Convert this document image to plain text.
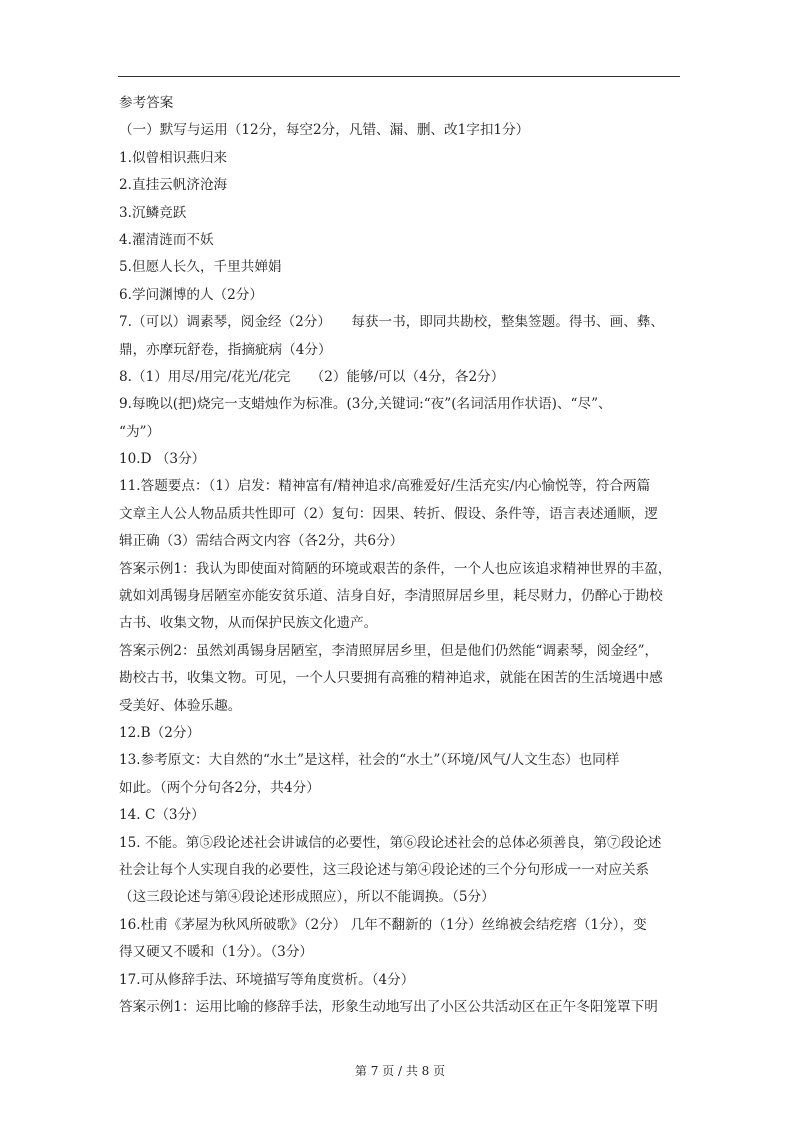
参考答案
（一）默写与运用（12分，每空2分，凡错、漏、删、改1字扣1分）
1.似曾相识燕归来
2.直挂云帆济沧海
3.沉鳞竞跃
4.濯清涟而不妖
5.但愿人长久，千里共婵娟
6.学问渊博的人（2分）
7.（可以）调素琴，阅金经（2分）　　每获一书，即同共勘校，整集签题。得书、画、彝、
鼎，亦摩玩舒卷，指摘疵病（4分）
8.（1）用尽/用完/花光/花完　　（2）能够/可以（4分，各2分）
9.每晚以(把)烧完一支蜡烛作为标准。(3分,关键词:“夜”(名词活用作状语)、“尽”、
“为”）
10.D （3分）
11.答题要点：（1）启发：精神富有/精神追求/高雅爱好/生活充实/内心愉悦等，符合两篇
文章主人公人物品质共性即可（2）复句：因果、转折、假设、条件等，语言表述通顺，逻
辑正确（3）需结合两文内容（各2分，共6分）
答案示例1：我认为即使面对简陋的环境或艰苦的条件，一个人也应该追求精神世界的丰盈，
就如刘禹锡身居陋室亦能安贫乐道、洁身自好，李清照屏居乡里，耗尽财力，仍醉心于勘校
古书、收集文物，从而保护民族文化遗产。
答案示例2：虽然刘禹锡身居陋室，李清照屏居乡里，但是他们仍然能“调素琴，阅金经”，
勘校古书，收集文物。可见，一个人只要拥有高雅的精神追求，就能在困苦的生活境遇中感
受美好、体验乐趣。
12.B（2分）
13.参考原文：大自然的“水土”是这样，社会的“水土”（环境/风气/人文生态）也同样
如此。（两个分句各2分，共4分）
14. C（3分）
15. 不能。第⑤段论述社会讲诚信的必要性，第⑥段论述社会的总体必须善良，第⑦段论述
社会让每个人实现自我的必要性，这三段论述与第④段论述的三个分句形成一一对应关系
（这三段论述与第④段论述形成照应），所以不能调换。（5分）
16.杜甫《茅屋为秋风所破歌》（2分） 几年不翻新的（1分）丝绵被会结疙瘩（1分），变
得又硬又不暖和（1分）。（3分）
17.可从修辞手法、环境描写等角度赏析。（4分）
答案示例1：运用比喻的修辞手法，形象生动地写出了小区公共活动区在正午冬阳笼罩下明
第 7 页 / 共 8 页
